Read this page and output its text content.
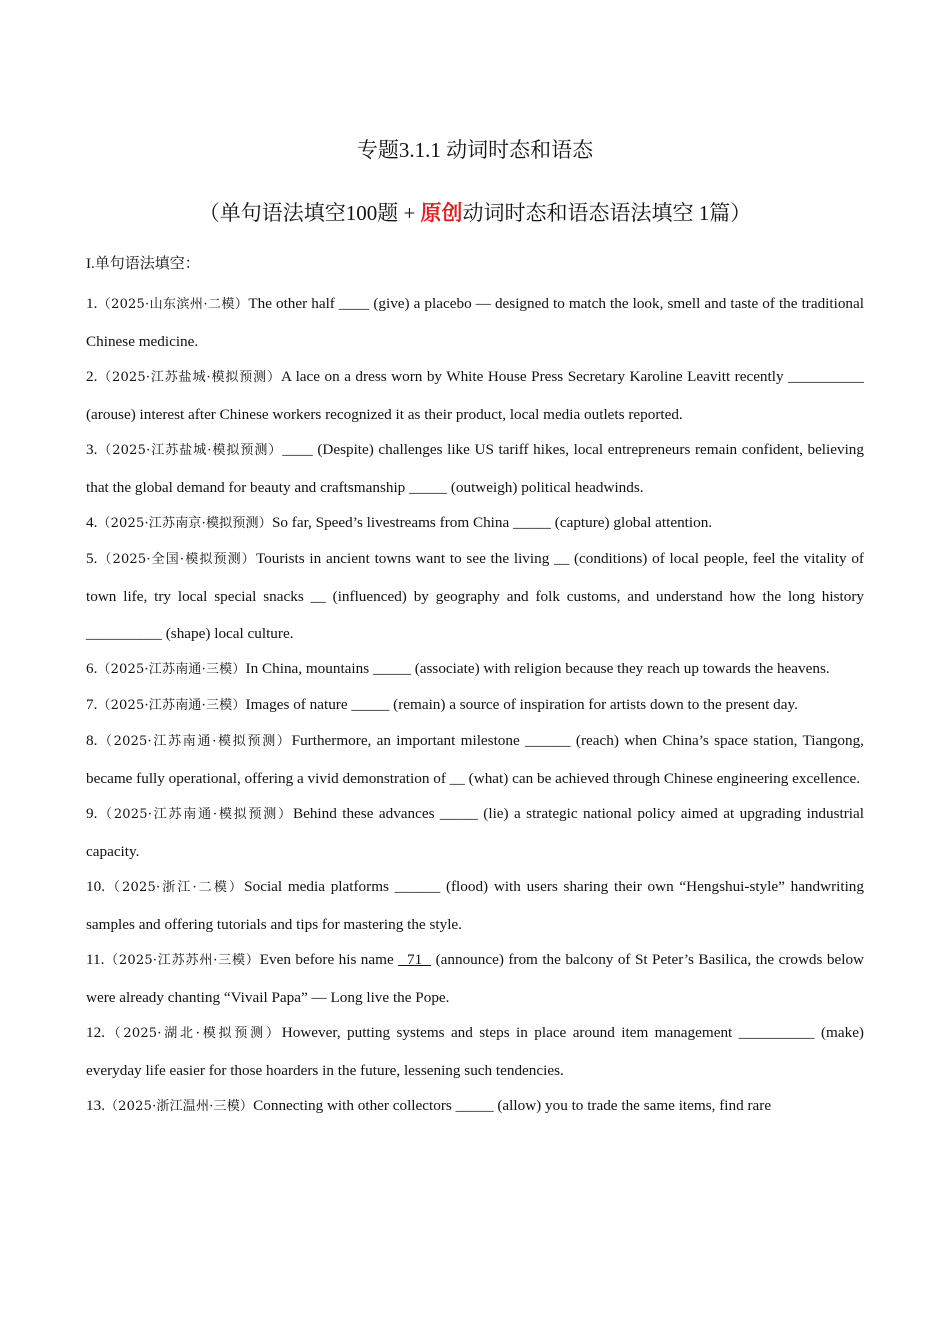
专题3.1.1 动词时态和语态
（单句语法填空100题 + 原创动词时态和语态语法填空 1篇）
I.单句语法填空：
1.（2025·山东滨州·二模）The other half ____ (give) a placebo — designed to match the look, smell and taste of the traditional Chinese medicine.
2.（2025·江苏盐城·模拟预测）A lace on a dress worn by White House Press Secretary Karoline Leavitt recently __________ (arouse) interest after Chinese workers recognized it as their product, local media outlets reported.
3.（2025·江苏盐城·模拟预测）____ (Despite) challenges like US tariff hikes, local entrepreneurs remain confident, believing that the global demand for beauty and craftsmanship _____ (outweigh) political headwinds.
4.（2025·江苏南京·模拟预测）So far, Speed’s livestreams from China _____ (capture) global attention.
5.（2025·全国·模拟预测）Tourists in ancient towns want to see the living __ (conditions) of local people, feel the vitality of town life, try local special snacks __ (influenced) by geography and folk customs, and understand how the long history __________ (shape) local culture.
6.（2025·江苏南通·三模）In China, mountains _____ (associate) with religion because they reach up towards the heavens.
7.（2025·江苏南通·三模）Images of nature _____ (remain) a source of inspiration for artists down to the present day.
8.（2025·江苏南通·模拟预测）Furthermore, an important milestone ______ (reach) when China’s space station, Tiangong, became fully operational, offering a vivid demonstration of __ (what) can be achieved through Chinese engineering excellence.
9.（2025·江苏南通·模拟预测）Behind these advances _____ (lie) a strategic national policy aimed at upgrading industrial capacity.
10.（2025·浙江·二模）Social media platforms ______ (flood) with users sharing their own “Hengshui-style” handwriting samples and offering tutorials and tips for mastering the style.
11.（2025·江苏苏州·三模）Even before his name   71   (announce) from the balcony of St Peter’s Basilica, the crowds below were already chanting “Vivail Papa” — Long live the Pope.
12.（2025·湖北·模拟预测）However, putting systems and steps in place around item management __________ (make) everyday life easier for those hoarders in the future, lessening such tendencies.
13.（2025·浙江温州·三模）Connecting with other collectors _____ (allow) you to trade the same items, find rare
